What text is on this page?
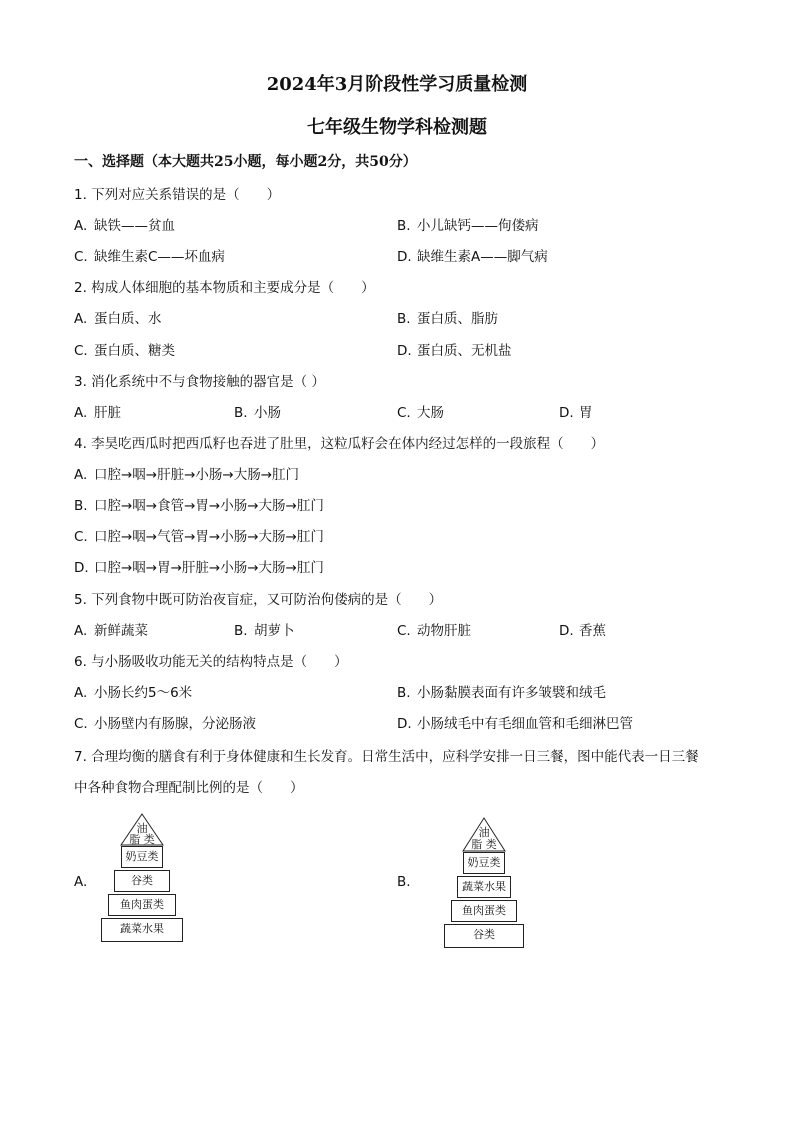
2024年3月阶段性学习质量检测
七年级生物学科检测题
一、选择题（本大题共25小题，每小题2分，共50分）
1. 下列对应关系错误的是（　　）
A. 缺铁——贫血	B. 小儿缺钙——佝偻病
C. 缺维生素C——坏血病	D. 缺维生素A——脚气病
2. 构成人体细胞的基本物质和主要成分是（　　）
A. 蛋白质、水	B. 蛋白质、脂肪
C. 蛋白质、糖类	D. 蛋白质、无机盐
3. 消化系统中不与食物接触的器官是（ ）
A. 肝脏	B. 小肠	C. 大肠	D. 胃
4. 李昊吃西瓜时把西瓜籽也吞进了肚里，这粒瓜籽会在体内经过怎样的一段旅程（　　）
A. 口腔→咽→肝脏→小肠→大肠→肛门
B. 口腔→咽→食管→胃→小肠→大肠→肛门
C. 口腔→咽→气管→胃→小肠→大肠→肛门
D. 口腔→咽→胃→肝脏→小肠→大肠→肛门
5. 下列食物中既可防治夜盲症，又可防治佝偻病的是（　　）
A. 新鲜蔬菜	B. 胡萝卜	C. 动物肝脏	D. 香蕉
6. 与小肠吸收功能无关的结构特点是（　　）
A. 小肠长约5～6米	B. 小肠黏膜表面有许多皱襞和绒毛
C. 小肠壁内有肠腺，分泌肠液	D. 小肠绒毛中有毛细血管和毛细淋巴管
7. 合理均衡的膳食有利于身体健康和生长发育。日常生活中，应科学安排一日三餐，图中能代表一日三餐
中各种食物合理配制比例的是（　　）
A.
油
脂 类
奶豆类
谷类
鱼肉蛋类
蔬菜水果
B.
油
脂 类
奶豆类
蔬菜水果
鱼肉蛋类
谷类
